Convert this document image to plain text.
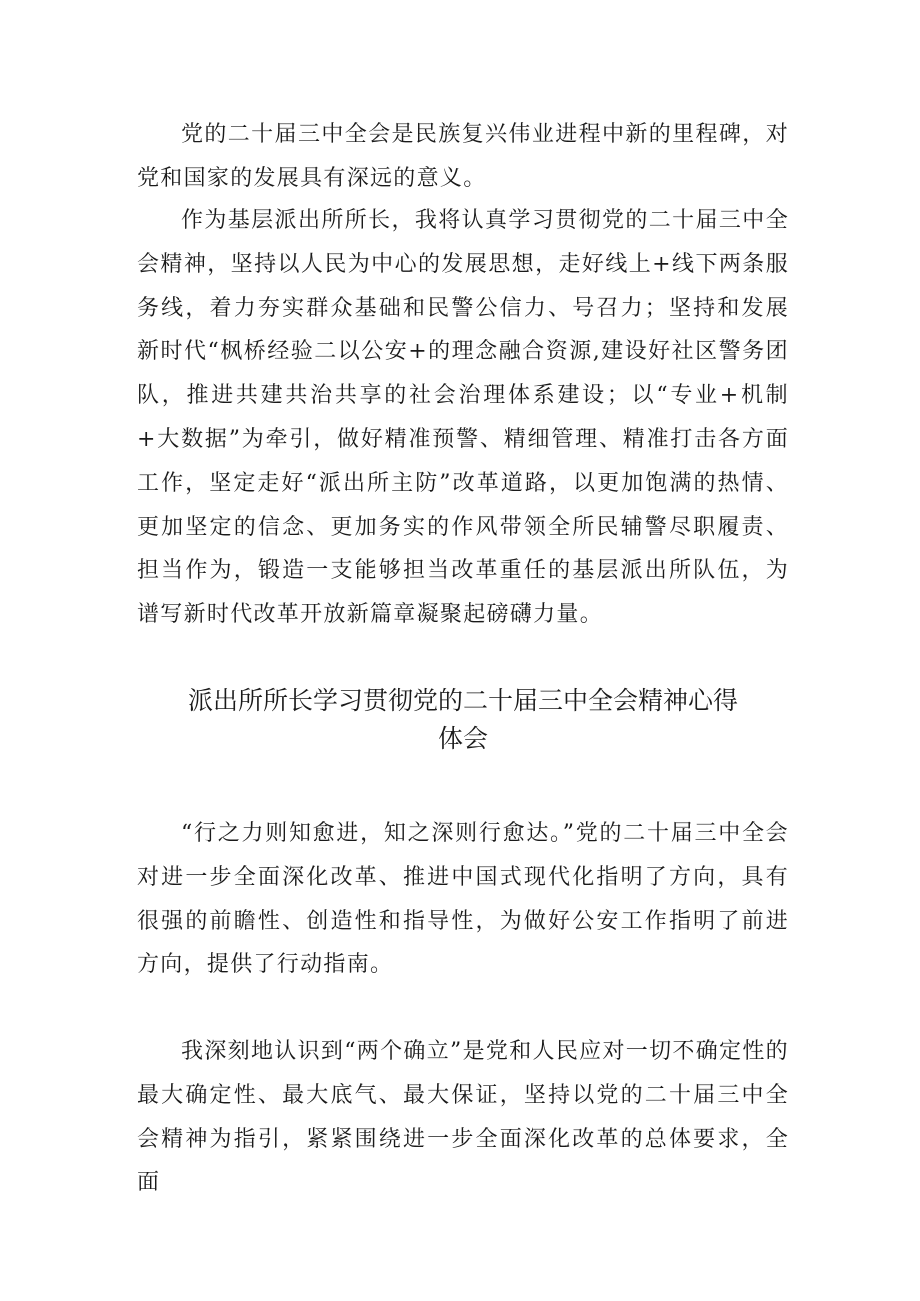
党的二十届三中全会是民族复兴伟业进程中新的里程碑，对党和国家的发展具有深远的意义。

作为基层派出所所长，我将认真学习贯彻党的二十届三中全会精神，坚持以人民为中心的发展思想，走好线上+线下两条服务线，着力夯实群众基础和民警公信力、号召力；坚持和发展新时代“枫桥经验二以公安+的理念融合资源,建设好社区警务团队，推进共建共治共享的社会治理体系建设；以“专业+机制+大数据”为牵引，做好精准预警、精细管理、精准打击各方面工作，坚定走好“派出所主防”改革道路，以更加饱满的热情、更加坚定的信念、更加务实的作风带领全所民辅警尽职履责、担当作为，锻造一支能够担当改革重任的基层派出所队伍，为谱写新时代改革开放新篇章凝聚起磅礴力量。

派出所所长学习贯彻党的二十届三中全会精神心得体会

“行之力则知愈进，知之深则行愈达。”党的二十届三中全会对进一步全面深化改革、推进中国式现代化指明了方向，具有很强的前瞻性、创造性和指导性，为做好公安工作指明了前进方向，提供了行动指南。

我深刻地认识到“两个确立”是党和人民应对一切不确定性的最大确定性、最大底气、最大保证，坚持以党的二十届三中全会精神为指引，紧紧围绕进一步全面深化改革的总体要求，全面
